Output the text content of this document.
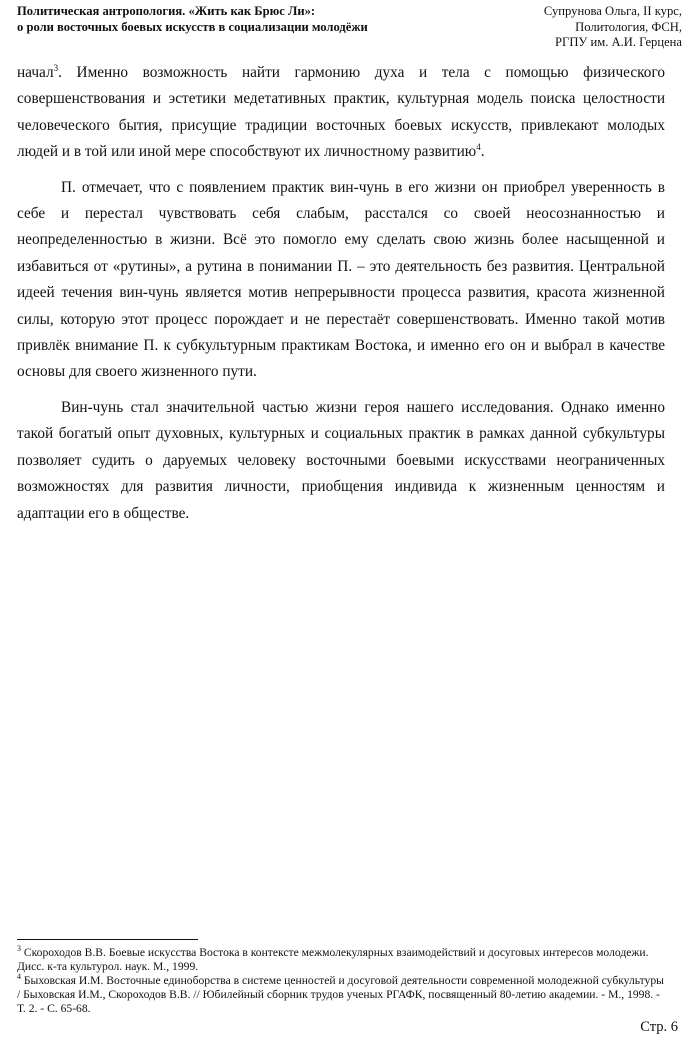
Политическая антропология. «Жить как Брюс Ли»:
о роли восточных боевых искусств в социализации молодёжи
Супрунова Ольга, II курс,
Политология, ФСН,
РГПУ им. А.И. Герцена

начал$^3$. Именно возможность найти гармонию духа и тела с помощью физического совершенствования и эстетики медетативных практик, культурная модель поиска целостности человеческого бытия, присущие традиции восточных боевых искусств, привлекают молодых людей и в той или иной мере способствуют их личностному развитию$^4$.

П. отмечает, что с появлением практик вин-чунь в его жизни он приобрел уверенность в себе и перестал чувствовать себя слабым, расстался со своей неосознанностью и неопределенностью в жизни. Всё это помогло ему сделать свою жизнь более насыщенной и избавиться от «рутины», а рутина в понимании П. – это деятельность без развития. Центральной идеей течения вин-чунь является мотив непрерывности процесса развития, красота жизненной силы, которую этот процесс порождает и не перестаёт совершенствовать. Именно такой мотив привлёк внимание П. к субкультурным практикам Востока, и именно его он и выбрал в качестве основы для своего жизненного пути.

Вин-чунь стал значительной частью жизни героя нашего исследования. Однако именно такой богатый опыт духовных, культурных и социальных практик в рамках данной субкультуры позволяет судить о даруемых человеку восточными боевыми искусствами неограниченных возможностях для развития личности, приобщения индивида к жизненным ценностям и адаптации его в обществе.

$^3$ Скороходов В.В. Боевые искусства Востока в контексте межмолекулярных взаимодействий и досуговых интересов молодежи. Дисс. к-та культурол. наук. М., 1999.

$^4$ Быховская И.М. Восточные единоборства в системе ценностей и досуговой деятельности современной молодежной субкультуры / Быховская И.М., Скороходов В.В. // Юбилейный сборник трудов ученых РГАФК, посвященный 80-летию академии. - М., 1998. - Т. 2. - С. 65-68.

Стр. 6
